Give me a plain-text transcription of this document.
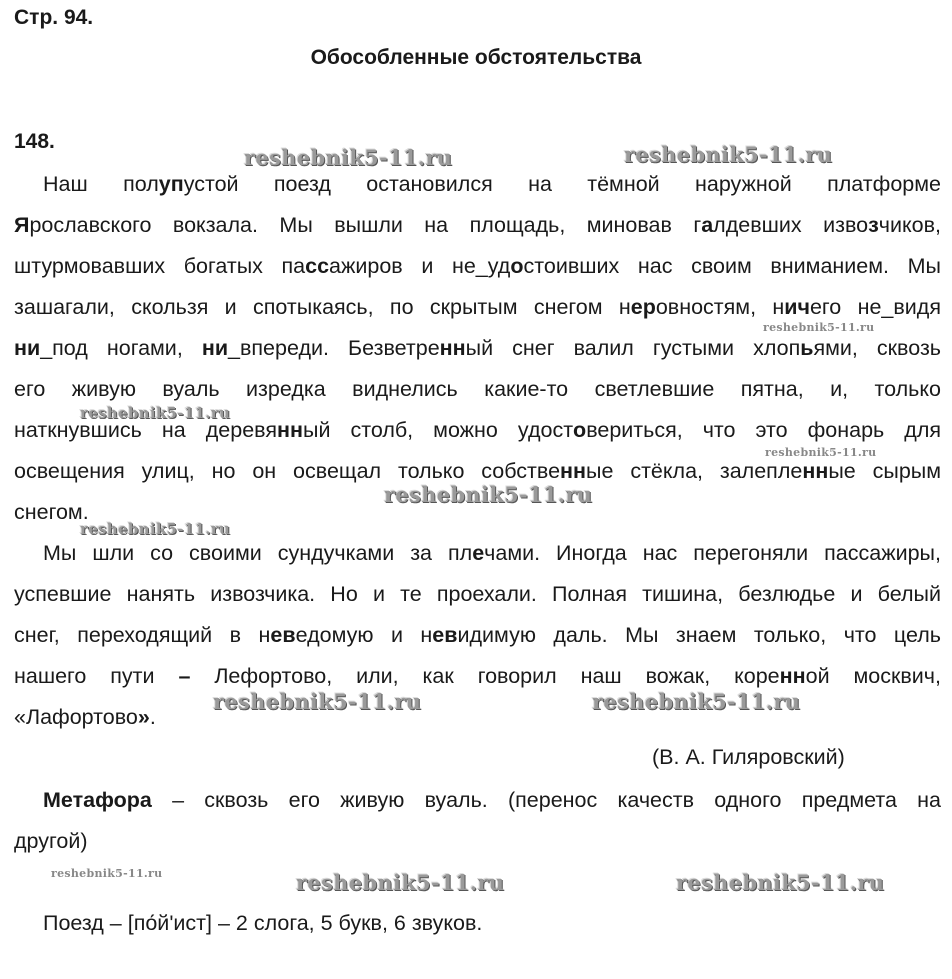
Стр. 94.
Обособленные обстоятельства
148.
Наш полупустой поезд остановился на тёмной наружной платформе
Ярославского вокзала. Мы вышли на площадь, миновав галдевших извозчиков,
штурмовавших богатых пассажиров и не_удостоивших нас своим вниманием. Мы
зашагали, скользя и спотыкаясь, по скрытым снегом неровностям, ничего не_видя
ни_под ногами, ни_впереди. Безветренный снег валил густыми хлопьями, сквозь
его живую вуаль изредка виднелись какие-то светлевшие пятна, и, только
наткнувшись на деревянный столб, можно удостовериться, что это фонарь для
освещения улиц, но он освещал только собственные стёкла, залепленные сырым
снегом.
Мы шли со своими сундучками за плечами. Иногда нас перегоняли пассажиры,
успевшие нанять извозчика. Но и те проехали. Полная тишина, безлюдье и белый
снег, переходящий в неведомую и невидимую даль. Мы знаем только, что цель
нашего пути – Лефортово, или, как говорил наш вожак, коренной москвич,
«Лафортово».
(В. А. Гиляровский)
Метафора – сквозь его живую вуаль. (перенос качеств одного предмета на
другой)
Поезд – [по́й'ист] – 2 слога, 5 букв, 6 звуков.
reshebnik5-11.ru	reshebnik5-11.ru
reshebnik5-11.ru
reshebnik5-11.ru
reshebnik5-11.ru
reshebnik5-11.ru
reshebnik5-11.ru
reshebnik5-11.ru	reshebnik5-11.ru
reshebnik5-11.ru	reshebnik5-11.ru	reshebnik5-11.ru
